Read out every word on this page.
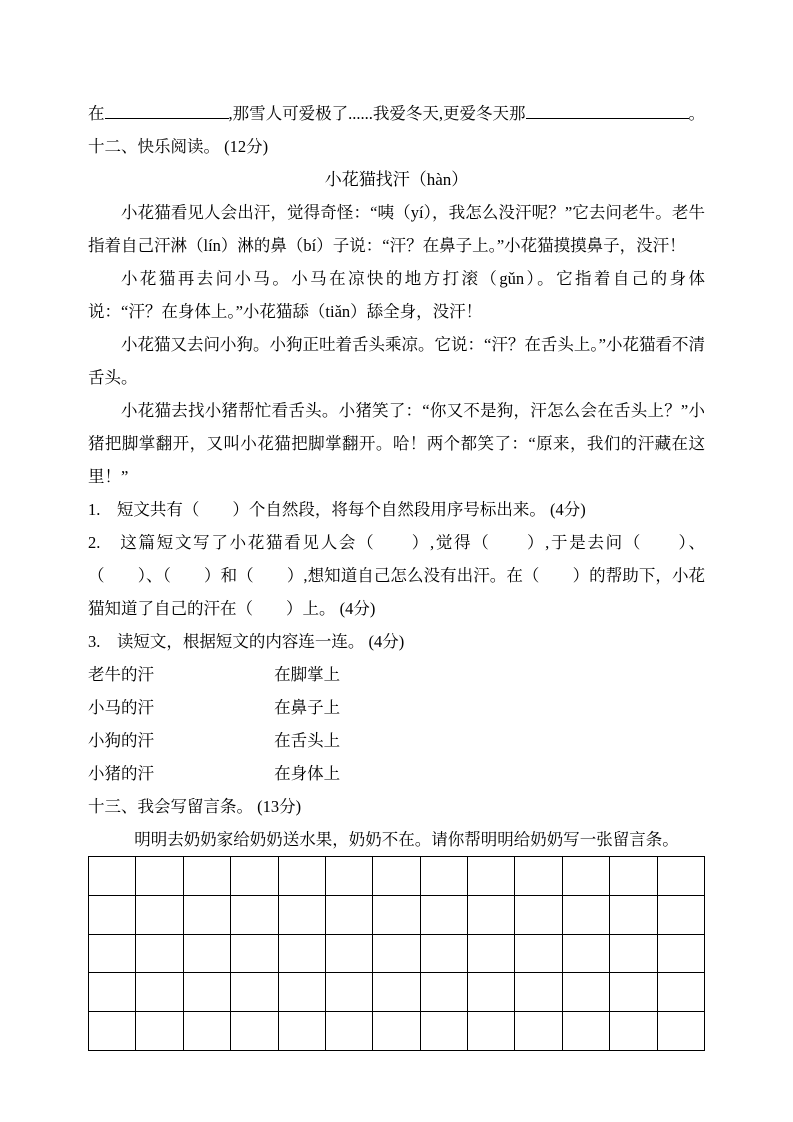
在	,那雪人可爱极了......我爱冬天,更爱冬天那	。
十二、快乐阅读。 (12分)
小花猫找汗（hàn）

小花猫看见人会出汗，觉得奇怪：“咦（yí），我怎么没汗呢？”它去问老牛。老牛指着自己汗淋（lín）淋的鼻（bí）子说：“汗？在鼻子上。”小花猫摸摸鼻子，没汗！

小花猫再去问小马。小马在凉快的地方打滚（gǔn）。它指着自己的身体说：“汗？在身体上。”小花猫舔（tiǎn）舔全身，没汗！

小花猫又去问小狗。小狗正吐着舌头乘凉。它说：“汗？在舌头上。”小花猫看不清舌头。

小花猫去找小猪帮忙看舌头。小猪笑了：“你又不是狗，汗怎么会在舌头上？”小猪把脚掌翻开，又叫小花猫把脚掌翻开。哈！两个都笑了：“原来，我们的汗藏在这里！”

1.　短文共有（　　）个自然段，将每个自然段用序号标出来。 (4分)

2.　这篇短文写了小花猫看见人会（　　）,觉得（　　）,于是去问（　　）、（　　）、（　　）和（　　）,想知道自己怎么没有出汗。在（　　）的帮助下，小花猫知道了自己的汗在（　　）上。 (4分)

3.　读短文，根据短文的内容连一连。 (4分)

老牛的汗	在脚掌上
小马的汗	在鼻子上
小狗的汗	在舌头上
小猪的汗	在身体上
十三、我会写留言条。 (13分)

明明去奶奶家给奶奶送水果，奶奶不在。请你帮明明给奶奶写一张留言条。
